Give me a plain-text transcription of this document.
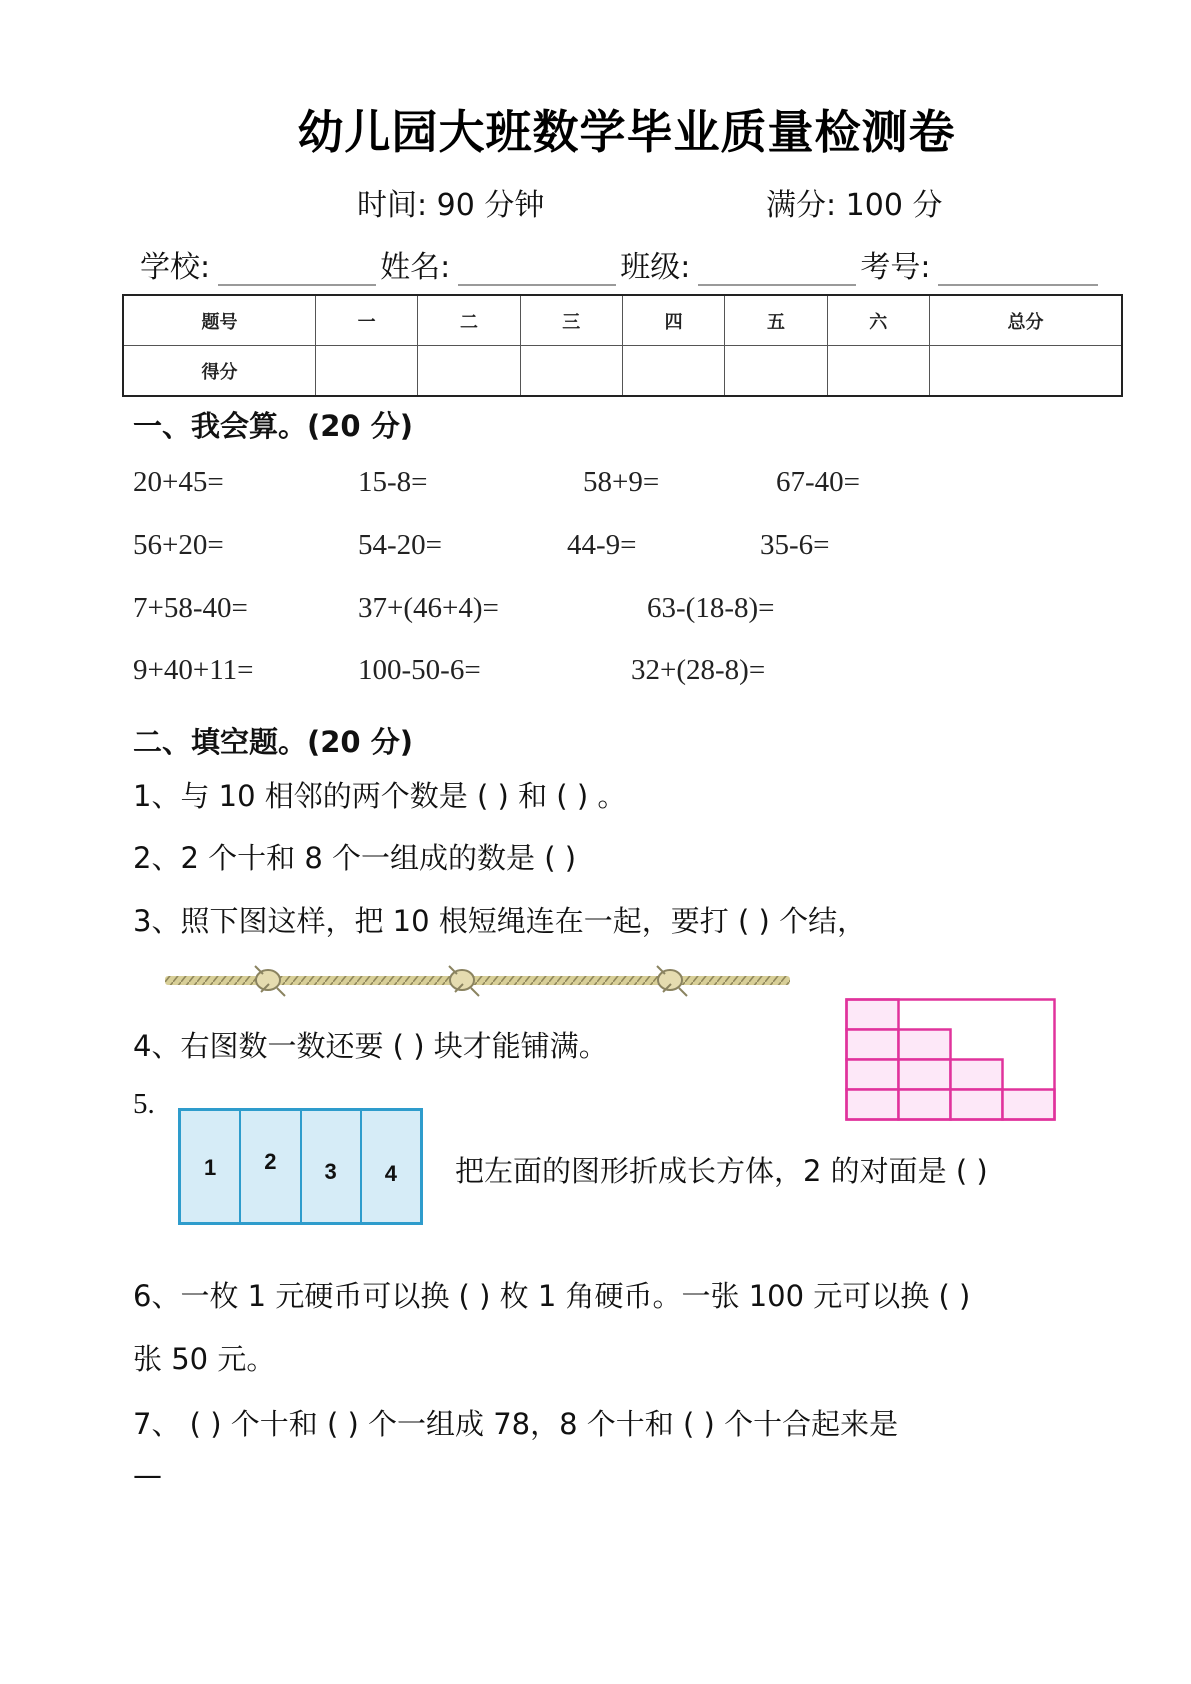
幼儿园大班数学毕业质量检测卷
时间: 90 分钟	满分: 100 分
学校:	姓名:	班级:	考号:
题号	一	二	三	四	五	六	总分
得分							
一、我会算。(20 分)
20+45=	15-8=	58+9=	67-40=
56+20=	54-20=	44-9=	35-6=
7+58-40=	37+(46+4)=	63-(18-8)=
9+40+11=	100-50-6=	32+(28-8)=
二、填空题。(20 分)
1、与 10 相邻的两个数是 ( ) 和 ( ) 。
2、2 个十和 8 个一组成的数是 ( )
3、照下图这样，把 10 根短绳连在一起，要打 ( ) 个结，
4、右图数一数还要 ( ) 块才能铺满。
5.
1	2	3	4	把左面的图形折成长方体，2 的对面是 ( )
6、一枚 1 元硬币可以换 ( ) 枚 1 角硬币。一张 100 元可以换 ( )
张 50 元。
7、 ( ) 个十和 ( ) 个一组成 78，8 个十和 ( ) 个十合起来是
—
